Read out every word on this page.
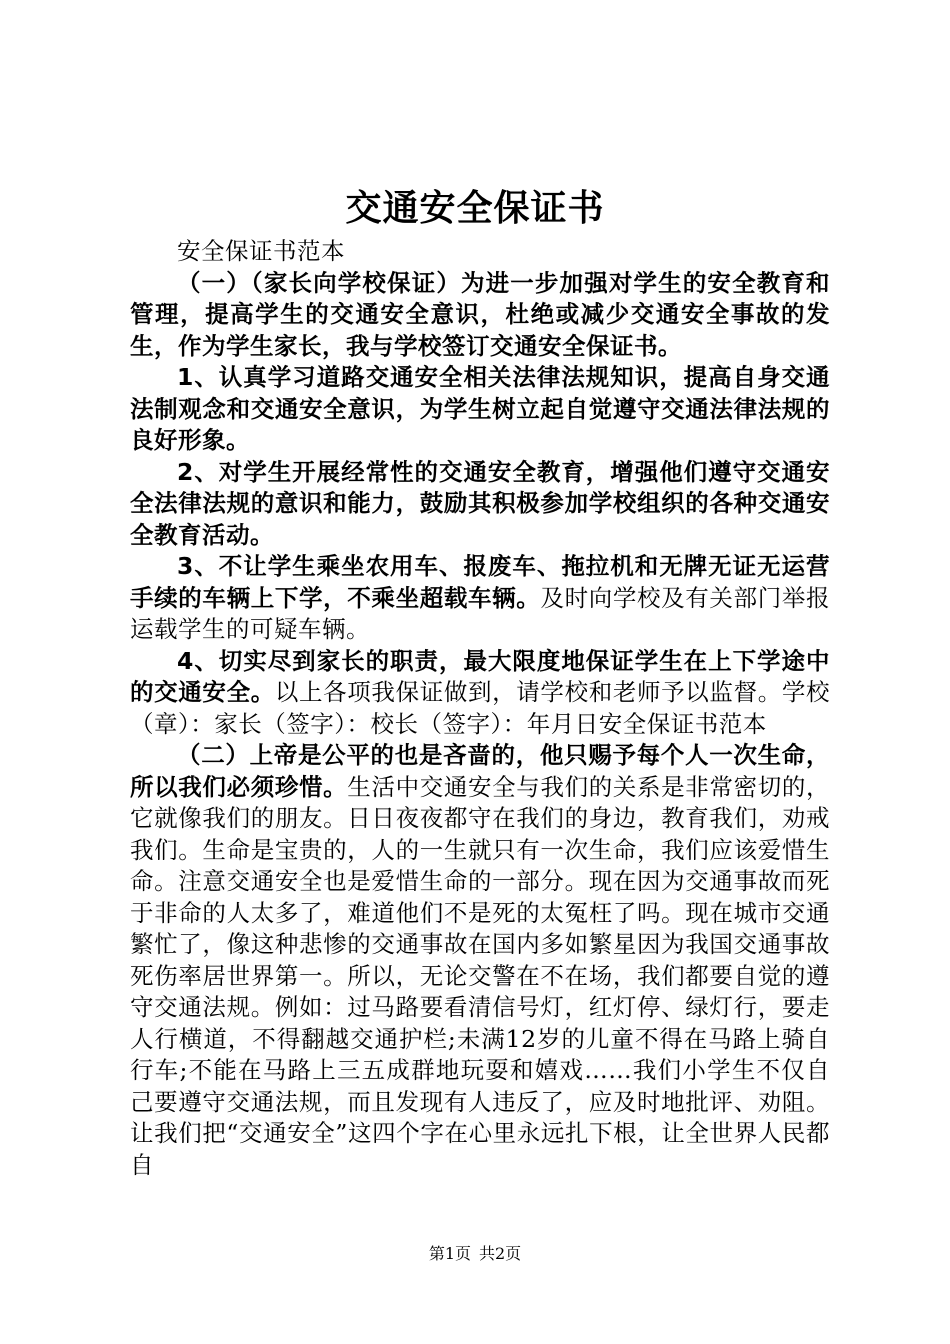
交通安全保证书

安全保证书范本

（一）（家长向学校保证）为进一步加强对学生的安全教育和管理，提高学生的交通安全意识，杜绝或减少交通安全事故的发生，作为学生家长，我与学校签订交通安全保证书。

1、认真学习道路交通安全相关法律法规知识，提高自身交通法制观念和交通安全意识，为学生树立起自觉遵守交通法律法规的良好形象。

2、对学生开展经常性的交通安全教育，增强他们遵守交通安全法律法规的意识和能力，鼓励其积极参加学校组织的各种交通安全教育活动。

3、不让学生乘坐农用车、报废车、拖拉机和无牌无证无运营手续的车辆上下学，不乘坐超载车辆。及时向学校及有关部门举报运载学生的可疑车辆。

4、切实尽到家长的职责，最大限度地保证学生在上下学途中的交通安全。以上各项我保证做到，请学校和老师予以监督。学校（章）：家长（签字）：校长（签字）：年月日安全保证书范本

（二）上帝是公平的也是吝啬的，他只赐予每个人一次生命，所以我们必须珍惜。生活中交通安全与我们的关系是非常密切的，它就像我们的朋友。日日夜夜都守在我们的身边，教育我们，劝戒我们。生命是宝贵的，人的一生就只有一次生命，我们应该爱惜生命。注意交通安全也是爱惜生命的一部分。现在因为交通事故而死于非命的人太多了，难道他们不是死的太冤枉了吗。现在城市交通繁忙了，像这种悲惨的交通事故在国内多如繁星因为我国交通事故死伤率居世界第一。所以，无论交警在不在场，我们都要自觉的遵守交通法规。例如：过马路要看清信号灯，红灯停、绿灯行，要走人行横道，不得翻越交通护栏;未满12岁的儿童不得在马路上骑自行车;不能在马路上三五成群地玩耍和嬉戏……我们小学生不仅自己要遵守交通法规，而且发现有人违反了，应及时地批评、劝阻。让我们把“交通安全”这四个字在心里永远扎下根，让全世界人民都自

第1页 共2页
